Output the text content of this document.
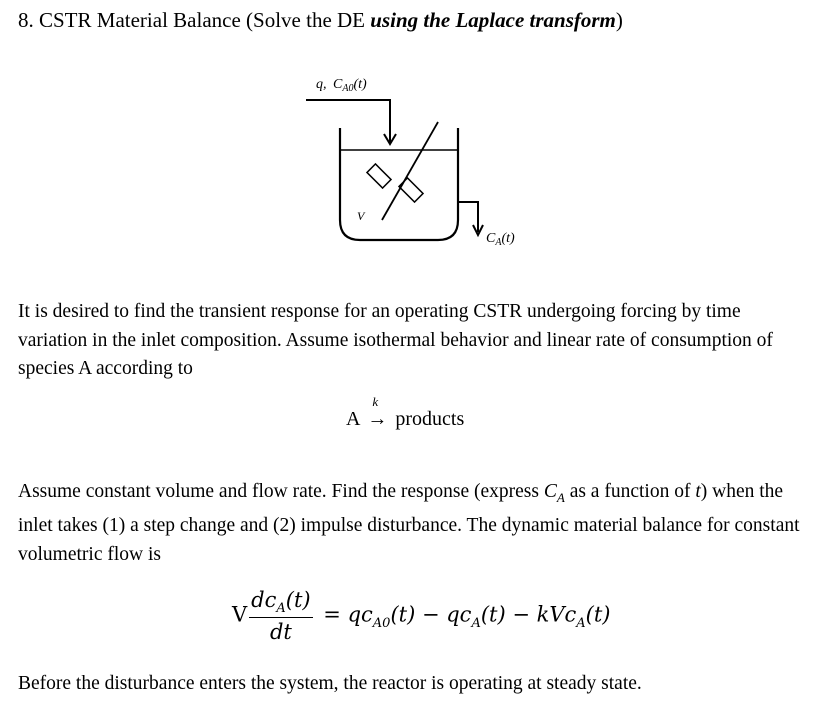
8. CSTR Material Balance (Solve the DE using the Laplace transform)
q, $C_{A0}(t)$
V
$C_A(t)$
It is desired to find the transient response for an operating CSTR undergoing forcing by time variation in the inlet composition. Assume isothermal behavior and linear rate of consumption of species A according to
A
k
→ products
Assume constant volume and flow rate. Find the response (express $C_A$ as a function of t) when the inlet takes (1) a step change and (2) impulse disturbance. The dynamic material balance for constant volumetric flow is
V $\frac{dc_A(t)}{dt} = qc_{A0}(t) - qc_A(t) - kVc_A(t)$
Before the disturbance enters the system, the reactor is operating at steady state.
